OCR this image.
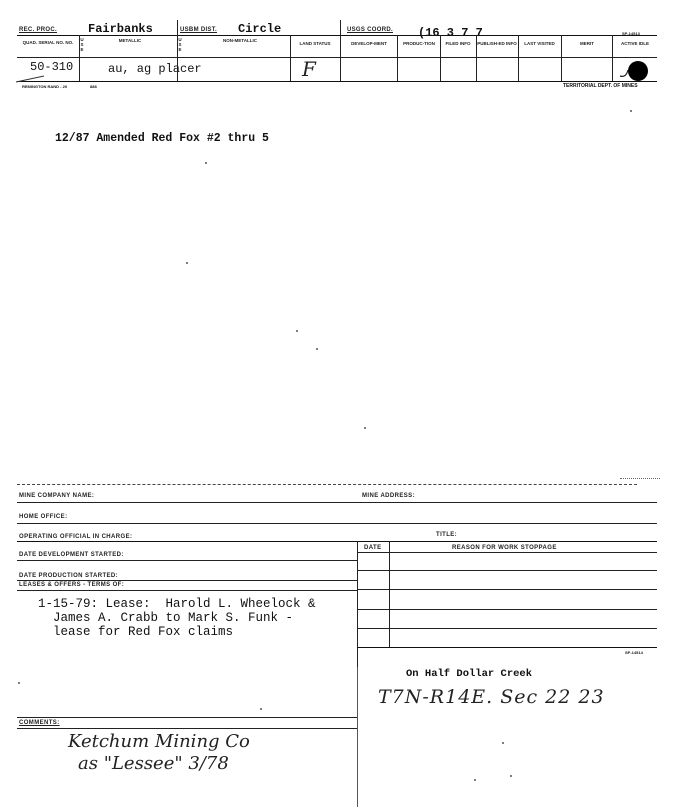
REC. PROC.	Fairbanks	USBM DIST. Circle	USGS COORD. (16 3 7 7	SP-14513
QUAD. SERIAL NO. NO.
U S E
METALLIC	U S E
NON-METALLIC
LAND STATUS	DEVELOP-MENT	PRODUC-TION	FILED INFO	PUBLISH-ED INFO	LAST VISITED	MERIT	ACTIVE IDLE
50-310	au, ag placer	F
REMINGTON RAND - 20	888	TERRITORIAL DEPT. OF MINES
12/87 Amended Red Fox #2 thru 5
MINE COMPANY NAME:	MINE ADDRESS:
HOME OFFICE:
OPERATING OFFICIAL IN CHARGE:	TITLE:
DATE DEVELOPMENT STARTED:
DATE	REASON FOR WORK STOPPAGE
DATE PRODUCTION STARTED:
LEASES & OFFERS - TERMS OF:
SP-14514
1-15-79: Lease:  Harold L. Wheelock &
James A. Crabb to Mark S. Funk -
lease for Red Fox claims
On Half Dollar Creek
T7N-R14E. Sec 22 23
COMMENTS:
Ketchum Mining Co
as "Lessee" 3/78
